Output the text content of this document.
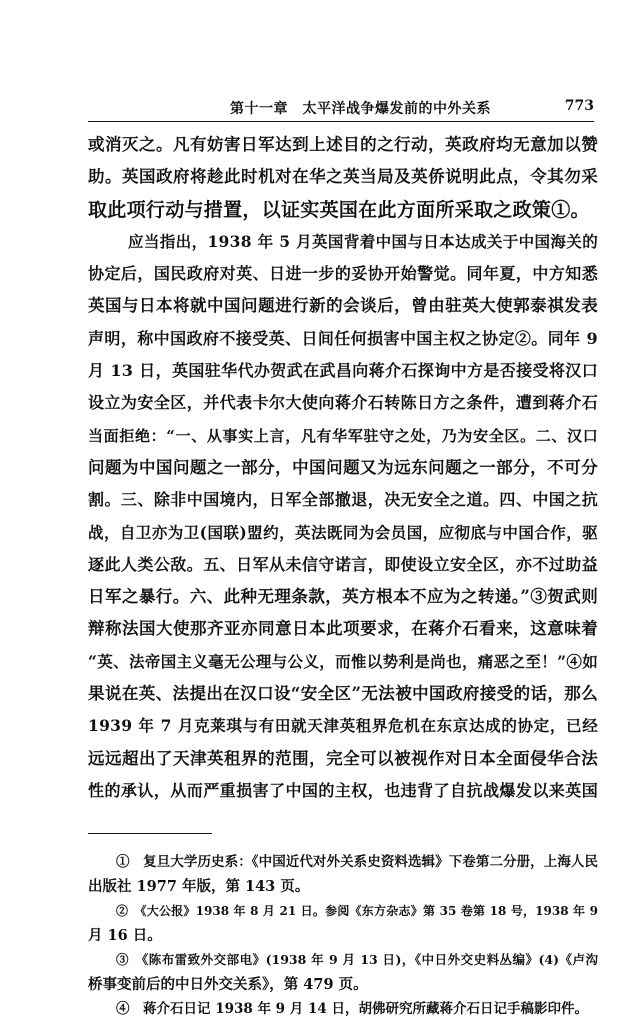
第十一章　太平洋战争爆发前的中外关系	773
或消灭之。凡有妨害日军达到上述目的之行动，英政府均无意加以赞
助。英国政府将趁此时机对在华之英当局及英侨说明此点，令其勿采
取此项行动与措置，以证实英国在此方面所采取之政策①。
应当指出，1938 年 5 月英国背着中国与日本达成关于中国海关的
协定后，国民政府对英、日进一步的妥协开始警觉。同年夏，中方知悉
英国与日本将就中国问题进行新的会谈后，曾由驻英大使郭泰祺发表
声明，称中国政府不接受英、日间任何损害中国主权之协定②。同年 9
月 13 日，英国驻华代办贺武在武昌向蒋介石探询中方是否接受将汉口
设立为安全区，并代表卡尔大使向蒋介石转陈日方之条件，遭到蒋介石
当面拒绝：“一、从事实上言，凡有华军驻守之处，乃为安全区。二、汉口
问题为中国问题之一部分，中国问题又为远东问题之一部分，不可分
割。三、除非中国境内，日军全部撤退，决无安全之道。四、中国之抗
战，自卫亦为卫(国联)盟约，英法既同为会员国，应彻底与中国合作，驱
逐此人类公敌。五、日军从未信守诺言，即使设立安全区，亦不过助益
日军之暴行。六、此种无理条款，英方根本不应为之转递。”③贺武则
辩称法国大使那齐亚亦同意日本此项要求，在蒋介石看来，这意味着
“英、法帝国主义毫无公理与公义，而惟以势利是尚也，痛恶之至！”④如
果说在英、法提出在汉口设“安全区”无法被中国政府接受的话，那么
1939 年 7 月克莱琪与有田就天津英租界危机在东京达成的协定，已经
远远超出了天津英租界的范围，完全可以被视作对日本全面侵华合法
性的承认，从而严重损害了中国的主权，也违背了自抗战爆发以来英国
①　复旦大学历史系：《中国近代对外关系史资料选辑》下卷第二分册，上海人民
出版社 1977 年版，第 143 页。
②　《大公报》1938 年 8 月 21 日。参阅《东方杂志》第 35 卷第 18 号，1938 年 9
月 16 日。
③　《陈布雷致外交部电》(1938 年 9 月 13 日)，《中日外交史料丛编》(4)《卢沟
桥事变前后的中日外交关系》，第 479 页。
④　蒋介石日记 1938 年 9 月 14 日，胡佛研究所藏蒋介石日记手稿影印件。
